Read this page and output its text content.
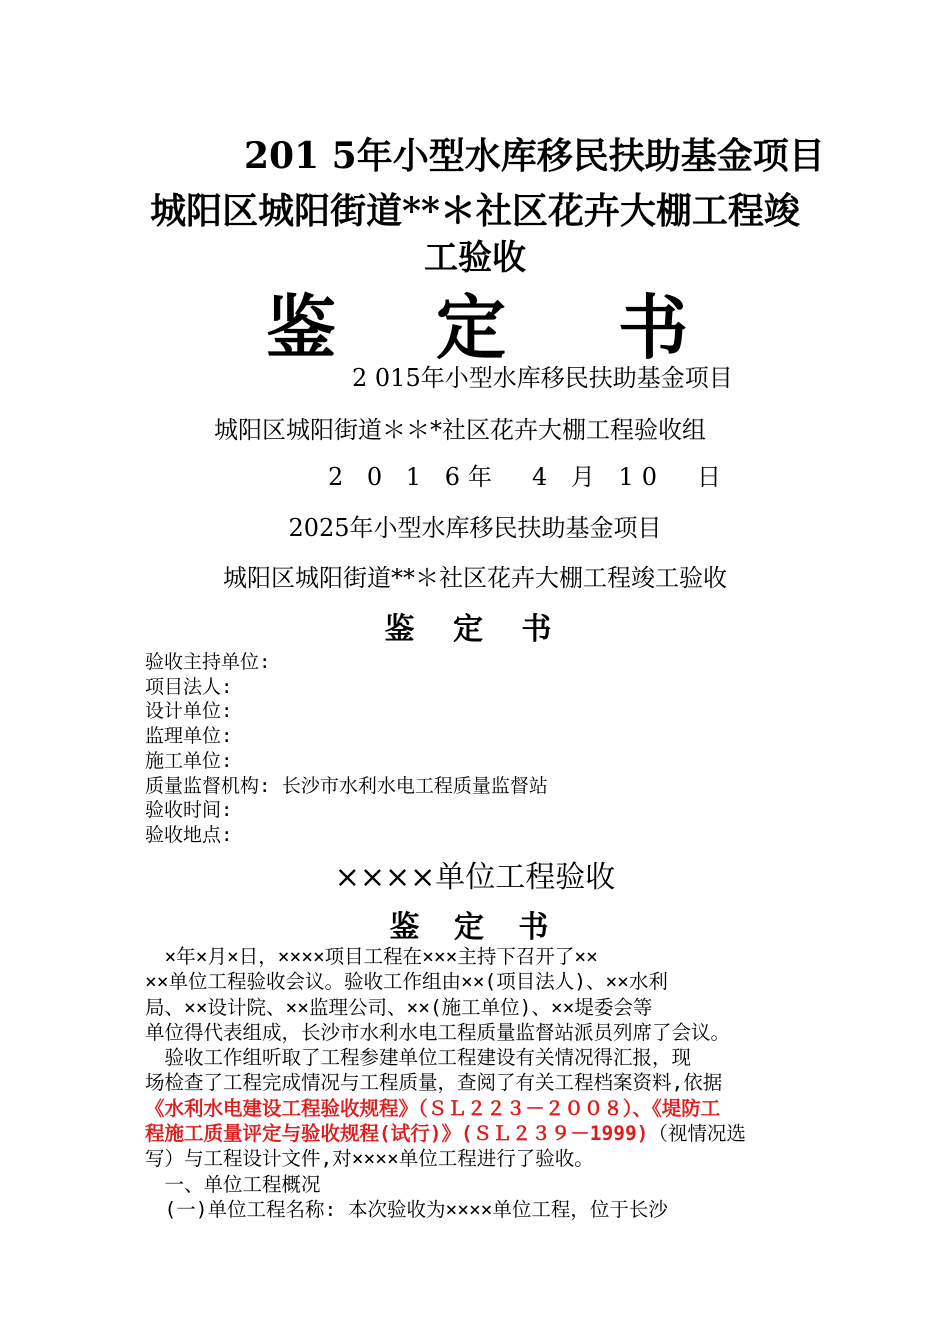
201 5年小型水库移民扶助基金项目
城阳区城阳街道**＊社区花卉大棚工程竣
工验收
鉴 定 书
2 015年小型水库移民扶助基金项目
城阳区城阳街道＊＊*社区花卉大棚工程验收组
2 0 1 6年　4 月 10　日
2025年小型水库移民扶助基金项目
城阳区城阳街道**＊社区花卉大棚工程竣工验收
鉴 定 书
验收主持单位:
项目法人:
设计单位:
监理单位:
施工单位:
质量监督机构: 长沙市水利水电工程质量监督站
验收时间:
验收地点:
××××单位工程验收
鉴 定 书
　×年×月×日，××××项目工程在×××主持下召开了××
××单位工程验收会议。验收工作组由××(项目法人)、××水利
局、××设计院、××监理公司、××(施工单位)、××堤委会等
单位得代表组成，长沙市水利水电工程质量监督站派员列席了会议。
　验收工作组听取了工程参建单位工程建设有关情况得汇报，现
场检查了工程完成情况与工程质量，查阅了有关工程档案资料,依据
《水利水电建设工程验收规程》（ＳＬ２２３－２００８）、《堤防工
程施工质量评定与验收规程(试行)》(ＳＬ２３９－1999)（视情况选
写）与工程设计文件,对××××单位工程进行了验收。
　一、单位工程概况
　(一)单位工程名称: 本次验收为××××单位工程，位于长沙
